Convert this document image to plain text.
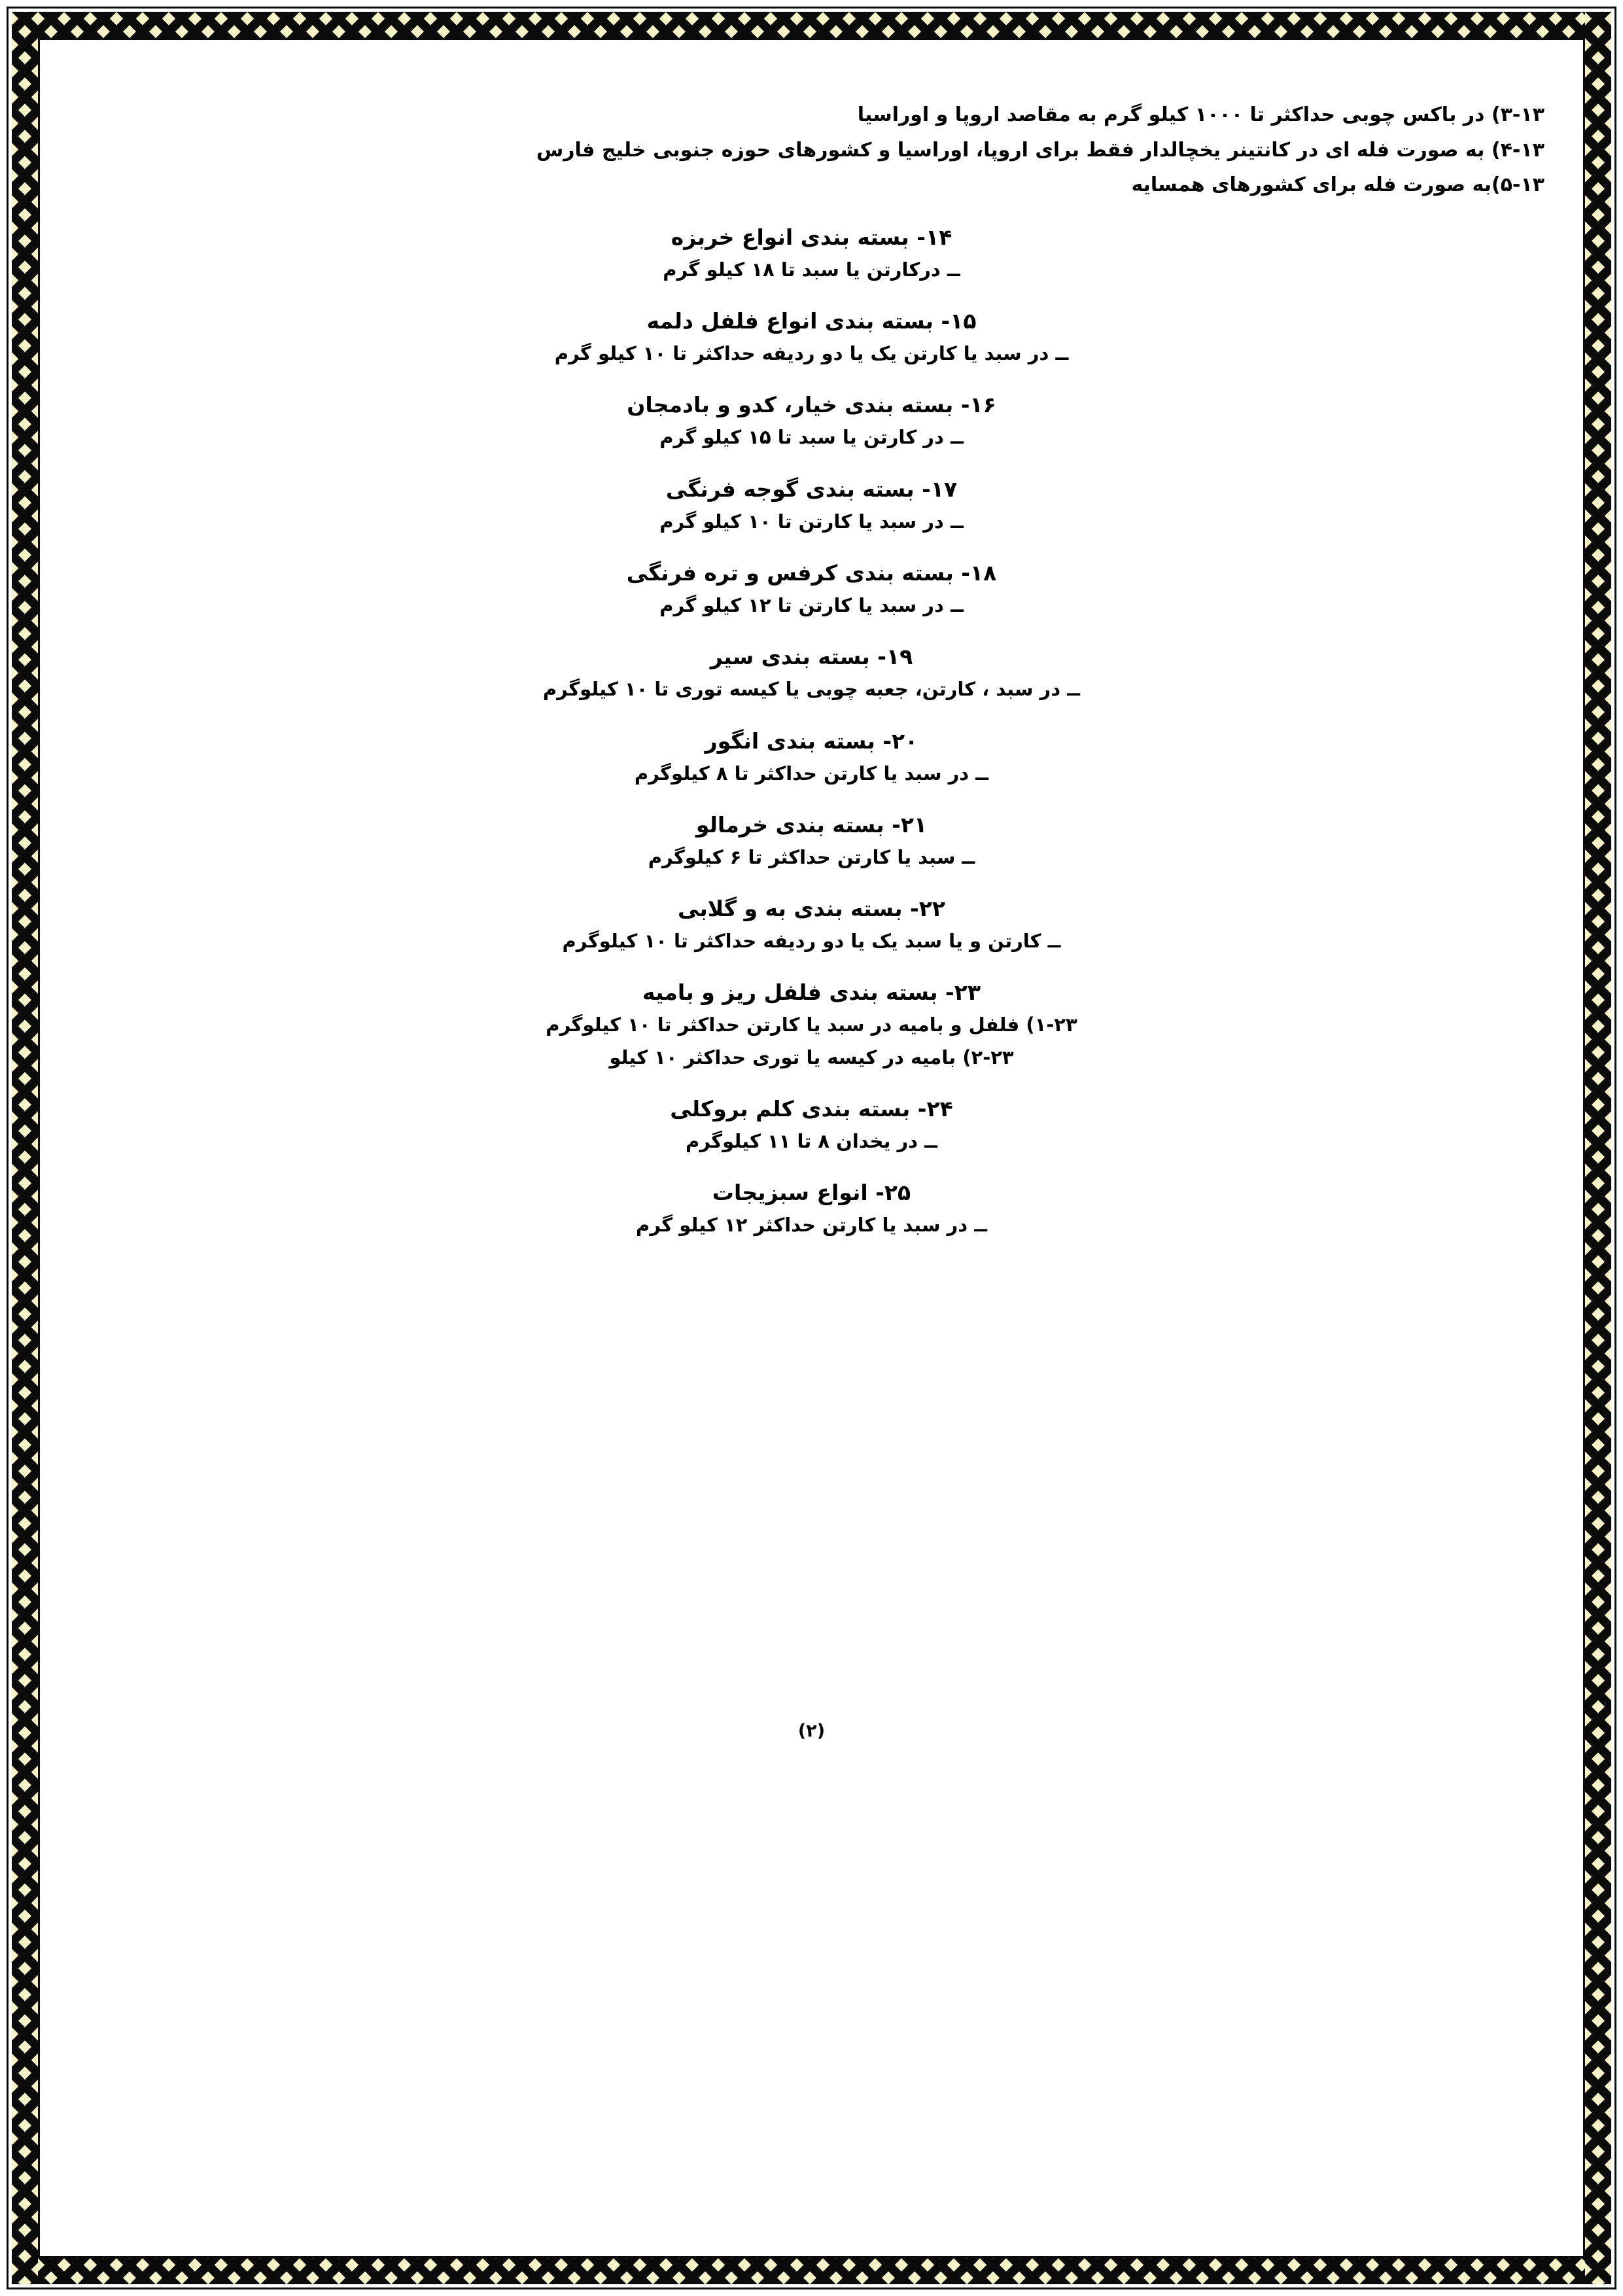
۳-۱۳) در باکس چوبی حداکثر تا ۱۰۰۰ کیلو گرم به مقاصد اروپا و اوراسیا

۴-۱۳) به صورت فله ای در کانتینر یخچالدار فقط برای اروپا، اوراسیا و کشورهای حوزه جنوبی خلیج فارس

۵-۱۳)به صورت فله برای کشورهای همسایه

۱۴- بسته بندی انواع خربزه

ــ درکارتن یا سبد تا ۱۸ کیلو گرم

۱۵- بسته بندی انواع فلفل دلمه

ــ در سبد یا کارتن یک یا دو ردیفه حداکثر تا ۱۰ کیلو گرم

۱۶- بسته بندی خیار، کدو و بادمجان

ــ در کارتن یا سبد تا ۱۵ کیلو گرم

۱۷- بسته بندی گوجه فرنگی

ــ در سبد یا کارتن تا ۱۰ کیلو گرم

۱۸- بسته بندی کرفس و تره فرنگی

ــ در سبد یا کارتن تا ۱۲ کیلو گرم

۱۹- بسته بندی سیر

ــ در سبد ، کارتن، جعبه چوبی یا کیسه توری تا ۱۰ کیلوگرم

۲۰- بسته بندی انگور

ــ در سبد یا کارتن حداکثر تا ۸ کیلوگرم

۲۱- بسته بندی خرمالو

ــ سبد یا کارتن حداکثر تا ۶ کیلوگرم

۲۲- بسته بندی به و گلابی

ــ کارتن و یا سبد یک یا دو ردیفه حداکثر تا ۱۰ کیلوگرم

۲۳- بسته بندی فلفل ریز و بامیه

۱-۲۳) فلفل و بامیه در سبد یا کارتن حداکثر تا ۱۰ کیلوگرم

۲-۲۳) بامیه در کیسه یا توری حداکثر ۱۰ کیلو

۲۴- بسته بندی کلم بروکلی

ــ در یخدان ۸ تا ۱۱ کیلوگرم

۲۵- انواع سبزیجات

ــ در سبد یا کارتن حداکثر ۱۲ کیلو گرم

(۲)
